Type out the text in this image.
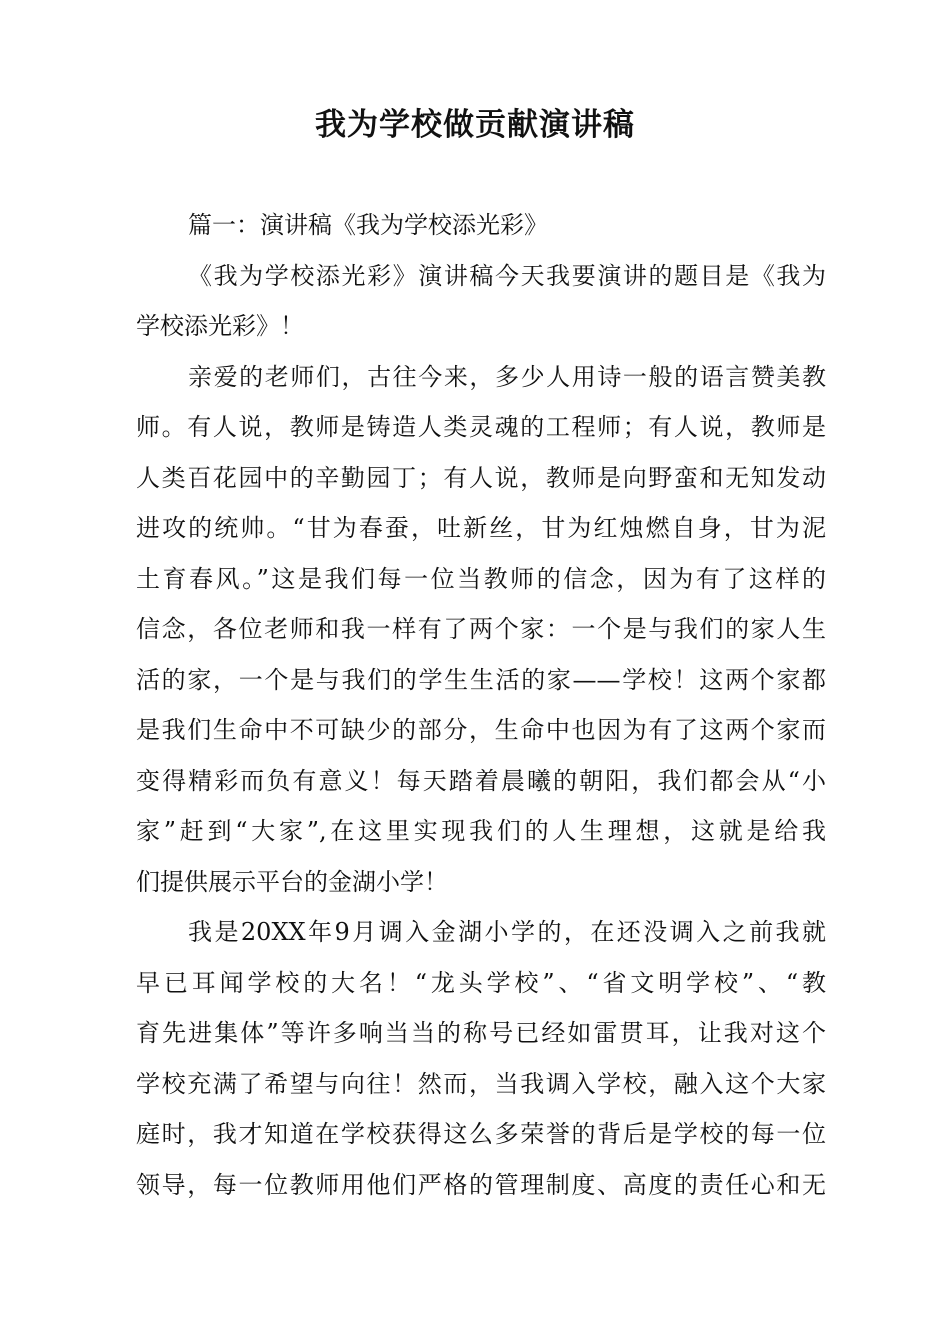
我为学校做贡献演讲稿
篇一：演讲稿《我为学校添光彩》
《我为学校添光彩》演讲稿今天我要演讲的题目是《我为
学校添光彩》！
亲爱的老师们，古往今来，多少人用诗一般的语言赞美教
师。有人说，教师是铸造人类灵魂的工程师；有人说，教师是
人类百花园中的辛勤园丁；有人说，教师是向野蛮和无知发动
进攻的统帅。“甘为春蚕，吐新丝，甘为红烛燃自身，甘为泥
土育春风。”这是我们每一位当教师的信念，因为有了这样的
信念，各位老师和我一样有了两个家：一个是与我们的家人生
活的家，一个是与我们的学生生活的家——学校！这两个家都
是我们生命中不可缺少的部分，生命中也因为有了这两个家而
变得精彩而负有意义！每天踏着晨曦的朝阳，我们都会从“小
家”赶到“大家”,在这里实现我们的人生理想，这就是给我
们提供展示平台的金湖小学！
我是20XX年9月调入金湖小学的，在还没调入之前我就
早已耳闻学校的大名！“龙头学校”、“省文明学校”、“教
育先进集体”等许多响当当的称号已经如雷贯耳，让我对这个
学校充满了希望与向往！然而，当我调入学校，融入这个大家
庭时，我才知道在学校获得这么多荣誉的背后是学校的每一位
领导，每一位教师用他们严格的管理制度、高度的责任心和无
